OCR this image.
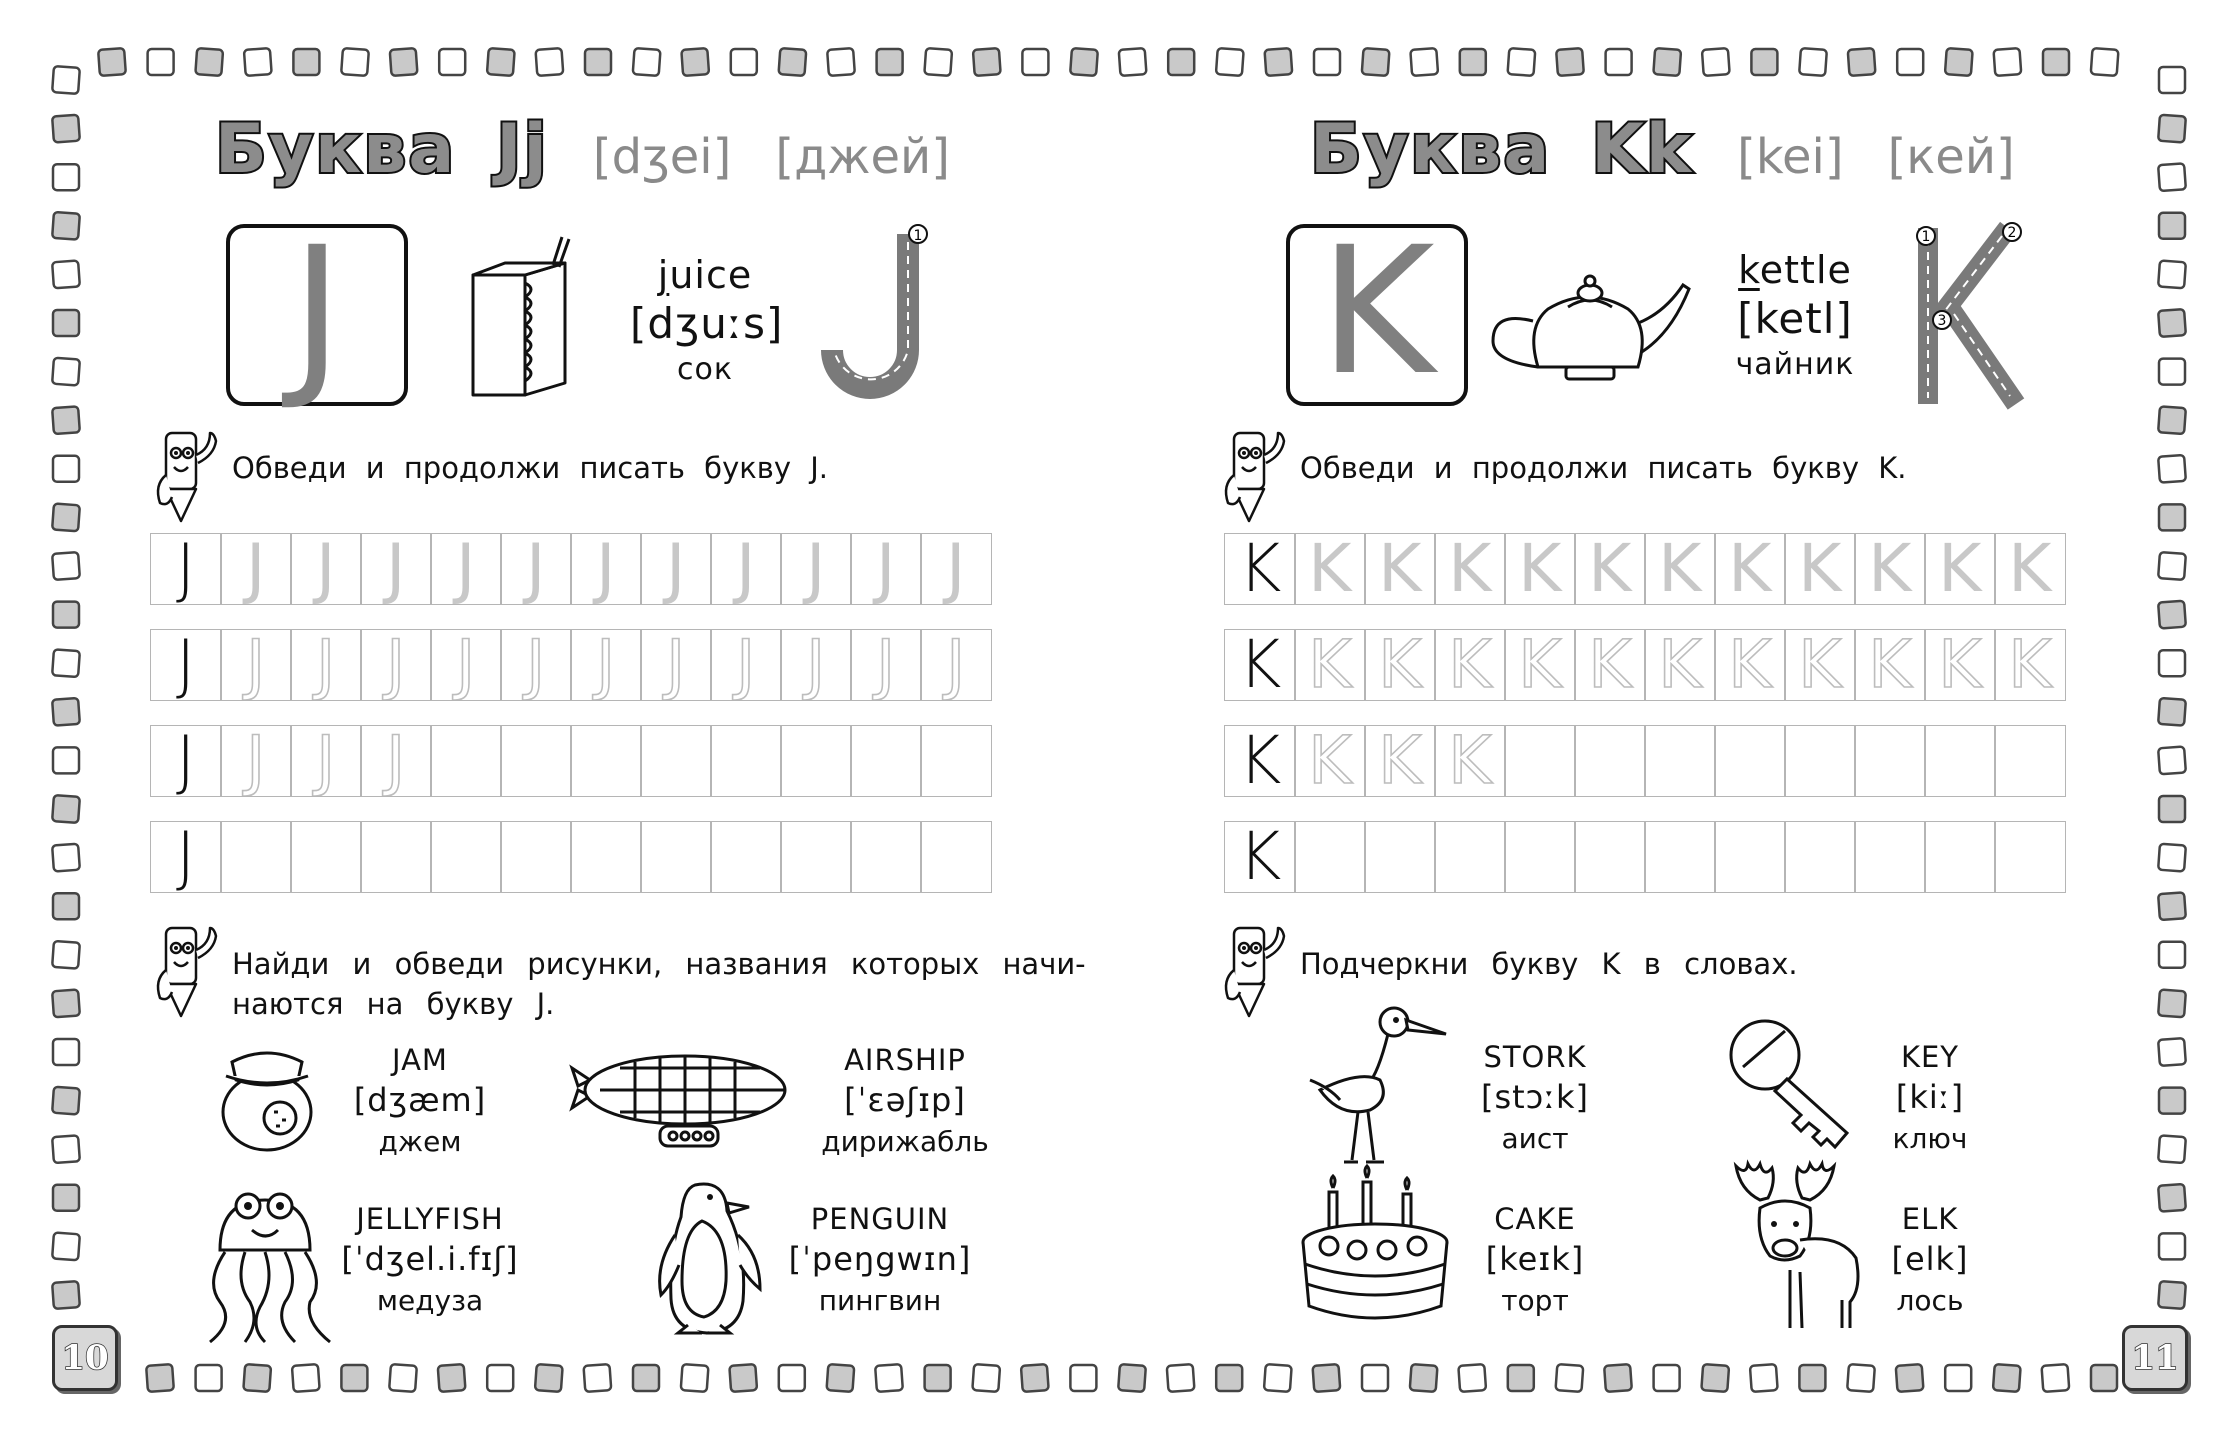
Буква Jj [dʒei] [джей]
J	juice
[dʒuːs]
сок
1
Обведи и продолжи писать букву J.
J J J J J J J J J J J J
J J J J J J J J J J J J
J J J J
J
Найди и обведи рисунки, названия которых начи-
наются на букву J.
JAM
[dʒæm]
джем
AIRSHIP
[ˈɛəʃɪp]
дирижабль
JELLYFISH
[ˈdʒel.i.fɪʃ]
медуза
PENGUIN
[ˈpeŋgwɪn]
пингвин
10
Буква Kk [kei] [кей]
K	kettle
[ketl]
чайник
1	2
3
Обведи и продолжи писать букву K.
K K K K K K K K K K K K
K K K K K K K K K K K K
K K K K
K
Подчеркни букву K в словах.
STORK
[stɔːk]
аист
KEY
[kiː]
ключ
CAKE
[keɪk]
торт
ELK
[elk]
лось
11
